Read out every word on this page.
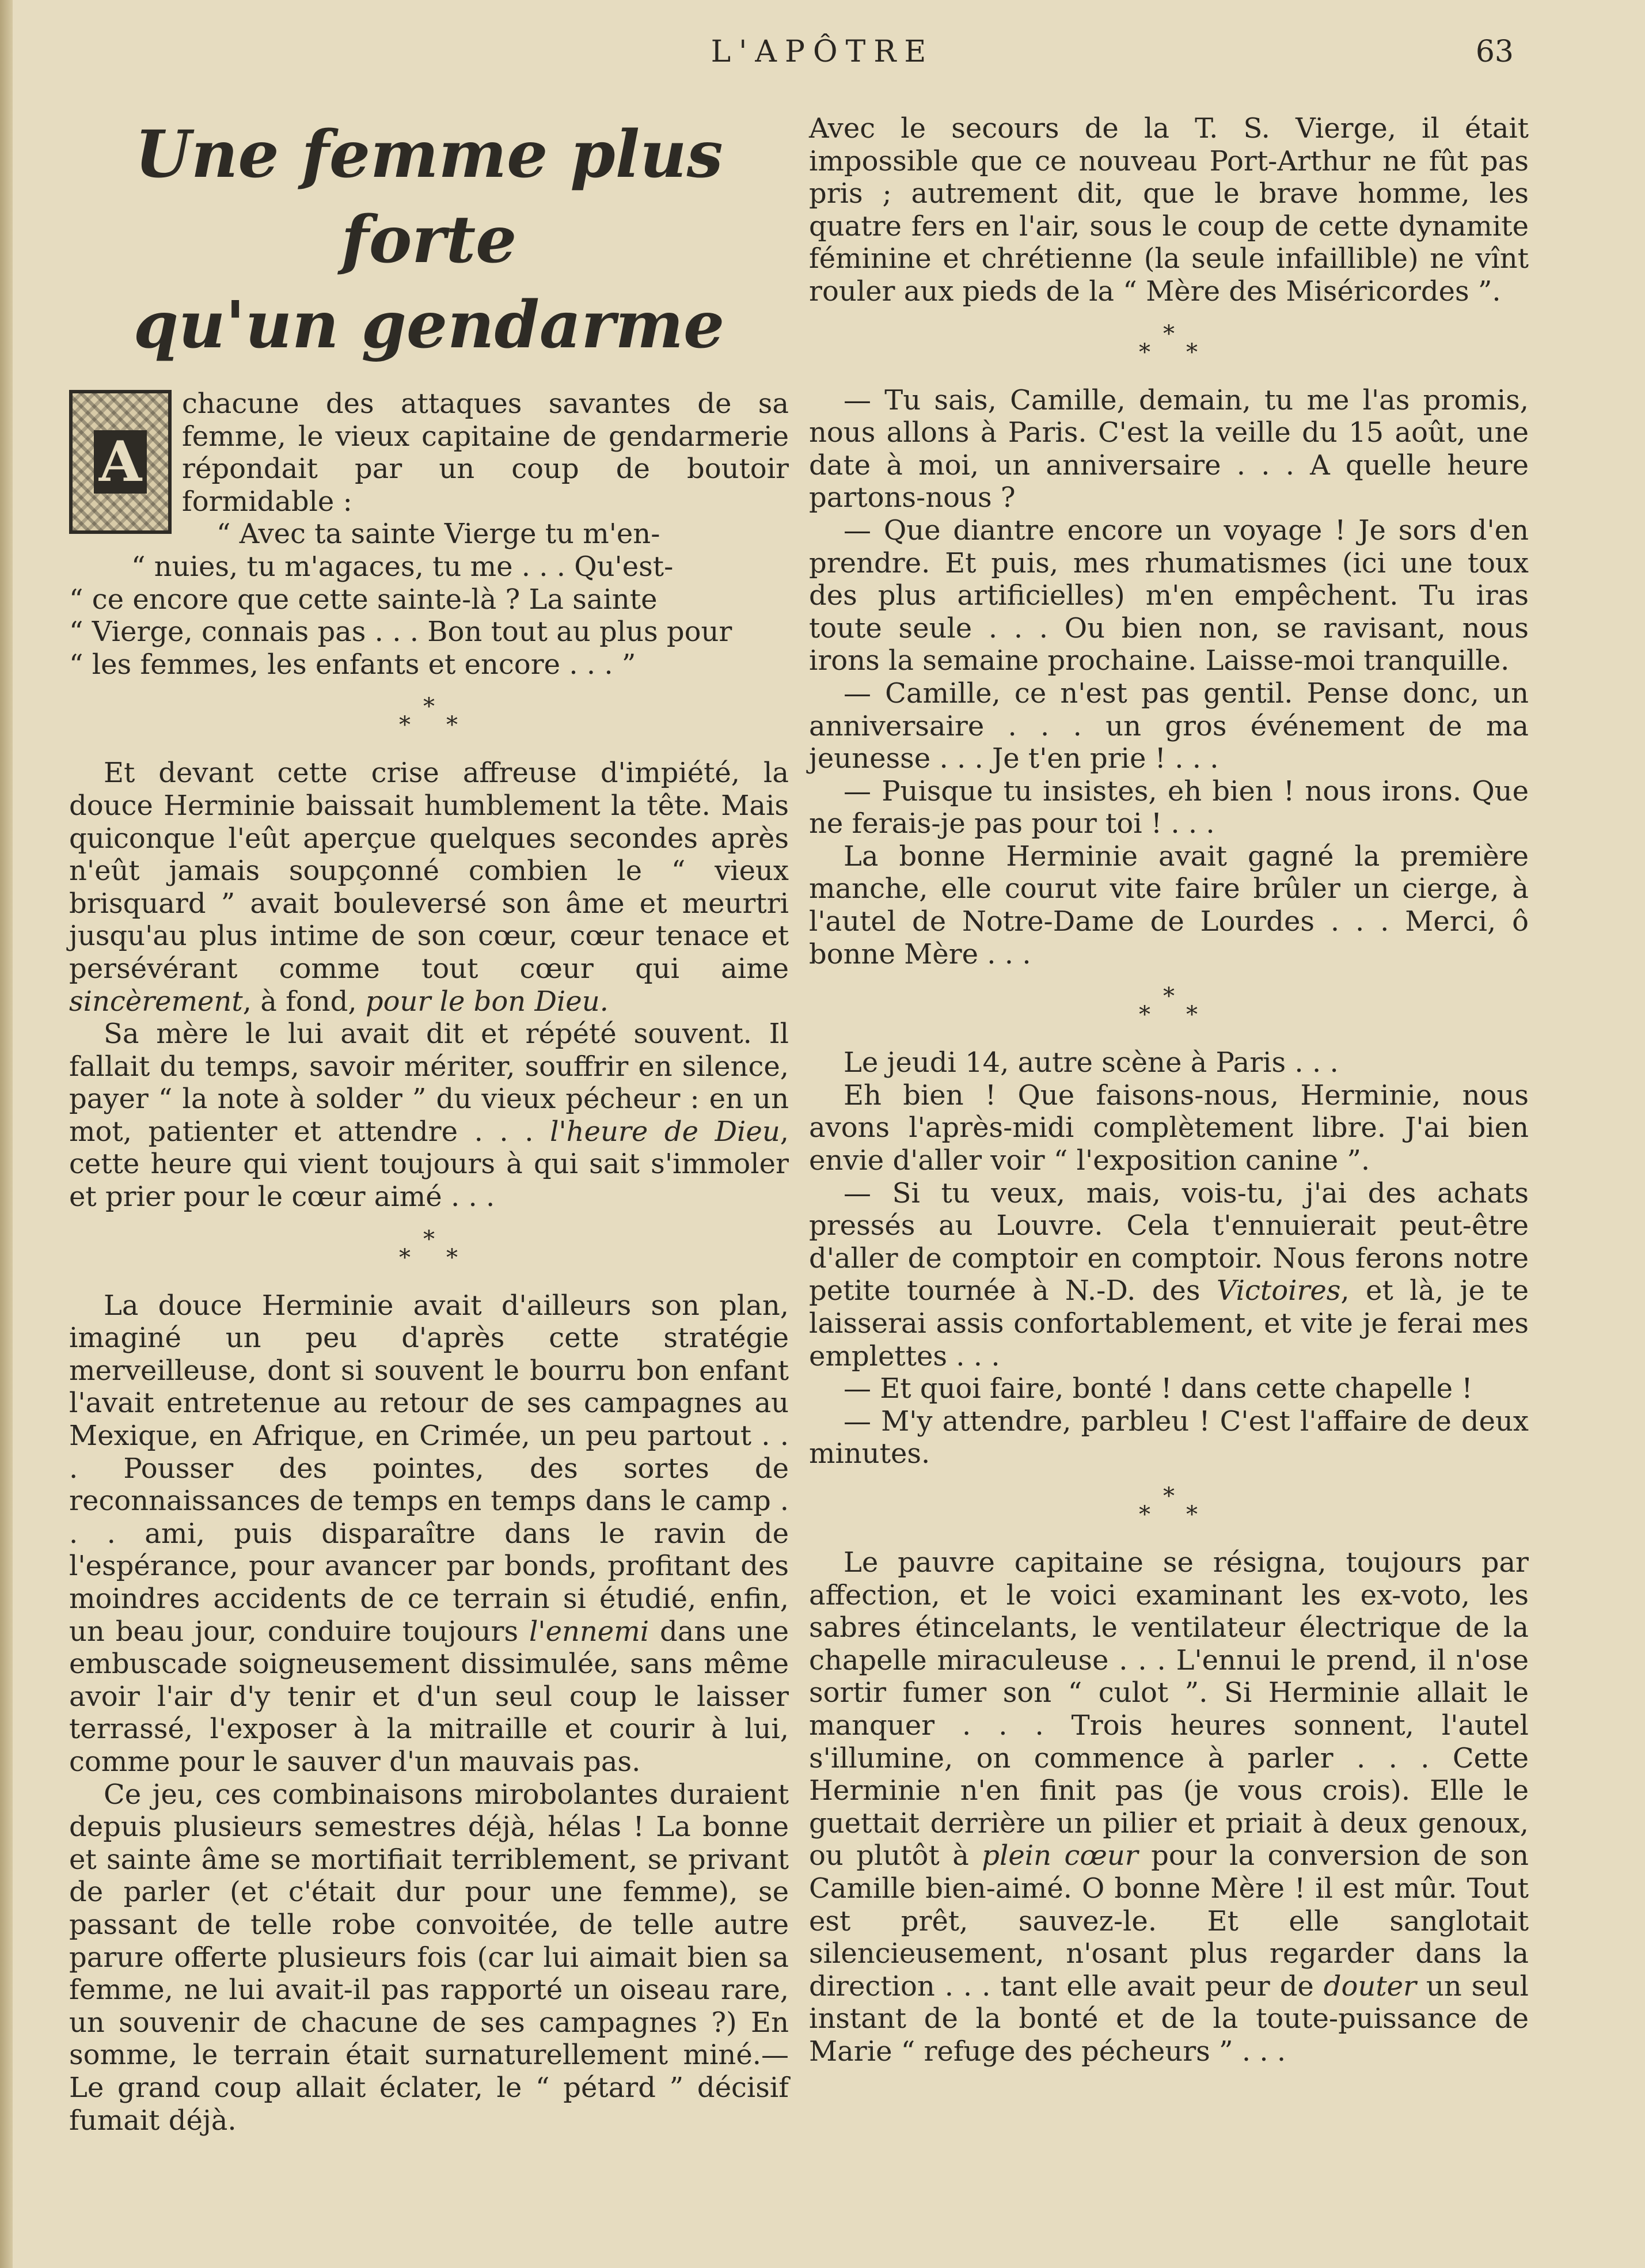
L'APÔTRE	63
Une femme plus forte
qu'un gendarme
A

chacune des attaques savantes de sa femme, le vieux capitaine de gendarmerie répondait par un coup de boutoir formidable :

“ Avec ta sainte Vierge tu m'en-

“ nuies, tu m'agaces, tu me . . . Qu'est-

“ ce encore que cette sainte-là ? La sainte

“ Vierge, connais pas . . . Bon tout au plus pour

“ les femmes, les enfants et encore . . . ”

*
* *

Et devant cette crise affreuse d'impiété, la douce Herminie baissait humblement la tête. Mais quiconque l'eût aperçue quelques secondes après n'eût jamais soupçonné combien le “ vieux brisquard ” avait bouleversé son âme et meurtri jusqu'au plus intime de son cœur, cœur tenace et persévérant comme tout cœur qui aime sincèrement, à fond, pour le bon Dieu.

Sa mère le lui avait dit et répété souvent. Il fallait du temps, savoir mériter, souffrir en silence, payer “ la note à solder ” du vieux pécheur : en un mot, patienter et attendre . . . l'heure de Dieu, cette heure qui vient toujours à qui sait s'immoler et prier pour le cœur aimé . . .

*
* *

La douce Herminie avait d'ailleurs son plan, imaginé un peu d'après cette stratégie merveilleuse, dont si souvent le bourru bon enfant l'avait entretenue au retour de ses campagnes au Mexique, en Afrique, en Crimée, un peu partout . . . Pousser des pointes, des sortes de reconnaissances de temps en temps dans le camp . . . ami, puis disparaître dans le ravin de l'espérance, pour avancer par bonds, profitant des moindres accidents de ce terrain si étudié, enfin, un beau jour, conduire toujours l'ennemi dans une embuscade soigneusement dissimulée, sans même avoir l'air d'y tenir et d'un seul coup le laisser terrassé, l'exposer à la mitraille et courir à lui, comme pour le sauver d'un mauvais pas.

Ce jeu, ces combinaisons mirobolantes duraient depuis plusieurs semestres déjà, hélas ! La bonne et sainte âme se mortifiait terriblement, se privant de parler (et c'était dur pour une femme), se passant de telle robe convoitée, de telle autre parure offerte plusieurs fois (car lui aimait bien sa femme, ne lui avait-il pas rapporté un oiseau rare, un souvenir de chacune de ses campagnes ?) En somme, le terrain était surnaturellement miné.— Le grand coup allait éclater, le “ pétard ” décisif fumait déjà.

Avec le secours de la T. S. Vierge, il était impossible que ce nouveau Port-Arthur ne fût pas pris ; autrement dit, que le brave homme, les quatre fers en l'air, sous le coup de cette dynamite féminine et chrétienne (la seule infaillible) ne vînt rouler aux pieds de la “ Mère des Miséricordes ”.

*
* *

— Tu sais, Camille, demain, tu me l'as promis, nous allons à Paris. C'est la veille du 15 août, une date à moi, un anniversaire . . . A quelle heure partons-nous ?

— Que diantre encore un voyage ! Je sors d'en prendre. Et puis, mes rhumatismes (ici une toux des plus artificielles) m'en empêchent. Tu iras toute seule . . . Ou bien non, se ravisant, nous irons la semaine prochaine. Laisse-moi tranquille.

— Camille, ce n'est pas gentil. Pense donc, un anniversaire . . . un gros événement de ma jeunesse . . . Je t'en prie ! . . .

— Puisque tu insistes, eh bien ! nous irons. Que ne ferais-je pas pour toi ! . . .

La bonne Herminie avait gagné la première manche, elle courut vite faire brûler un cierge, à l'autel de Notre-Dame de Lourdes . . . Merci, ô bonne Mère . . .

*
* *

Le jeudi 14, autre scène à Paris . . .

Eh bien ! Que faisons-nous, Herminie, nous avons l'après-midi complètement libre. J'ai bien envie d'aller voir “ l'exposition canine ”.

— Si tu veux, mais, vois-tu, j'ai des achats pressés au Louvre. Cela t'ennuierait peut-être d'aller de comptoir en comptoir. Nous ferons notre petite tournée à N.-D. des Victoires, et là, je te laisserai assis confortablement, et vite je ferai mes emplettes . . .

— Et quoi faire, bonté ! dans cette chapelle !

— M'y attendre, parbleu ! C'est l'affaire de deux minutes.

*
* *

Le pauvre capitaine se résigna, toujours par affection, et le voici examinant les ex-voto, les sabres étincelants, le ventilateur électrique de la chapelle miraculeuse . . . L'ennui le prend, il n'ose sortir fumer son “ culot ”. Si Herminie allait le manquer . . . Trois heures sonnent, l'autel s'illumine, on commence à parler . . . Cette Herminie n'en finit pas (je vous crois). Elle le guettait derrière un pilier et priait à deux genoux, ou plutôt à plein cœur pour la conversion de son Camille bien-aimé. O bonne Mère ! il est mûr. Tout est prêt, sauvez-le. Et elle sanglotait silencieusement, n'osant plus regarder dans la direction . . . tant elle avait peur de douter un seul instant de la bonté et de la toute-puissance de Marie “ refuge des pécheurs ” . . .
